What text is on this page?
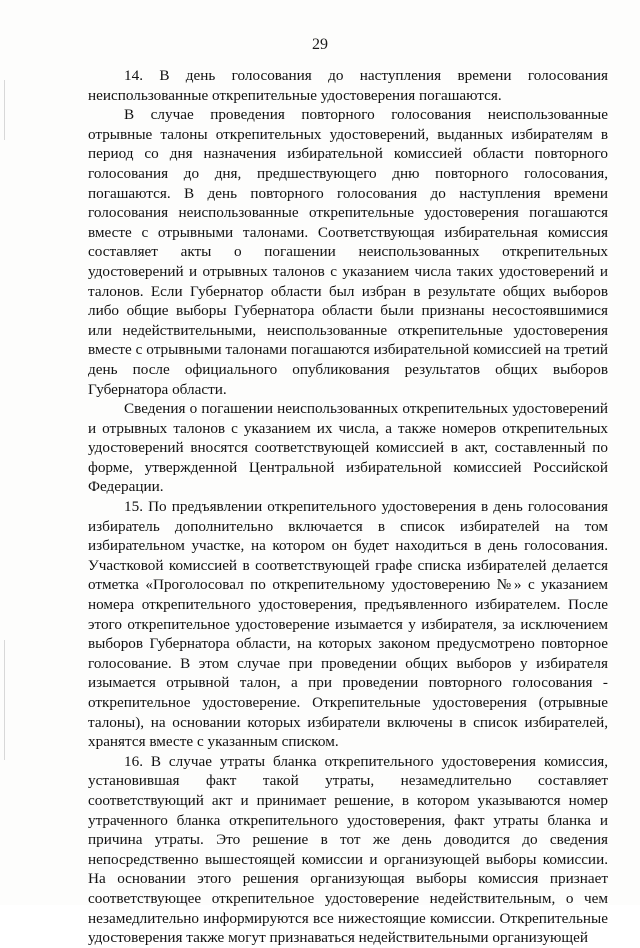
29

14. В день голосования до наступления времени голосования неиспользованные открепительные удостоверения погашаются.

В случае проведения повторного голосования неиспользованные отрывные талоны открепительных удостоверений, выданных избирателям в период со дня назначения избирательной комиссией области повторного голосования до дня, предшествующего дню повторного голосования, погашаются. В день повторного голосования до наступления времени голосования неиспользованные открепительные удостоверения погашаются вместе с отрывными талонами. Соответствующая избирательная комиссия составляет акты о погашении неиспользованных открепительных удостоверений и отрывных талонов с указанием числа таких удостоверений и талонов. Если Губернатор области был избран в результате общих выборов либо общие выборы Губернатора области были признаны несостоявшимися или недействительными, неиспользованные открепительные удостоверения вместе с отрывными талонами погашаются избирательной комиссией на третий день после официального опубликования результатов общих выборов Губернатора области.

Сведения о погашении неиспользованных открепительных удостоверений и отрывных талонов с указанием их числа, а также номеров открепительных удостоверений вносятся соответствующей комиссией в акт, составленный по форме, утвержденной Центральной избирательной комиссией Российской Федерации.

15. По предъявлении открепительного удостоверения в день голосования избиратель дополнительно включается в список избирателей на том избирательном участке, на котором он будет находиться в день голосования. Участковой комиссией в соответствующей графе списка избирателей делается отметка «Проголосовал по открепительному удостоверению №» с указанием номера открепительного удостоверения, предъявленного избирателем. После этого открепительное удостоверение изымается у избирателя, за исключением выборов Губернатора области, на которых законом предусмотрено повторное голосование. В этом случае при проведении общих выборов у избирателя изымается отрывной талон, а при проведении повторного голосования - открепительное удостоверение. Открепительные удостоверения (отрывные талоны), на основании которых избиратели включены в список избирателей, хранятся вместе с указанным списком.

16. В случае утраты бланка открепительного удостоверения комиссия, установившая факт такой утраты, незамедлительно составляет соответствующий акт и принимает решение, в котором указываются номер утраченного бланка открепительного удостоверения, факт утраты бланка и причина утраты. Это решение в тот же день доводится до сведения непосредственно вышестоящей комиссии и организующей выборы комиссии. На основании этого решения организующая выборы комиссия признает соответствующее открепительное удостоверение недействительным, о чем незамедлительно информируются все нижестоящие комиссии. Открепительные удостоверения также могут признаваться недействительными организующей
